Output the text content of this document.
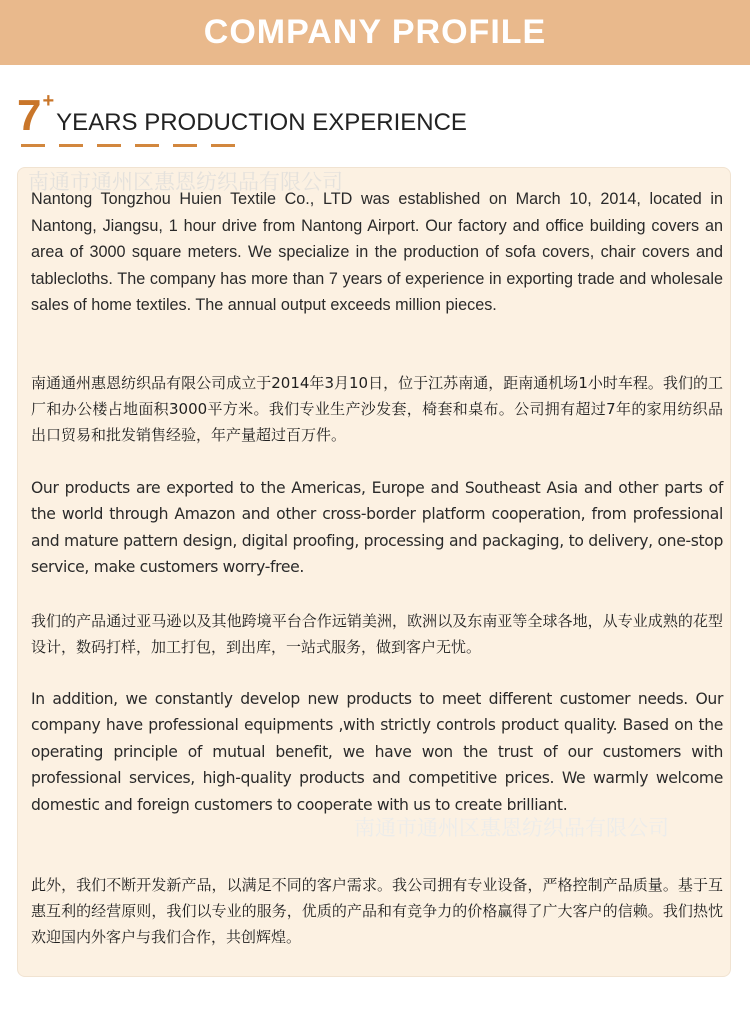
COMPANY PROFILE
7 +
YEARS PRODUCTION EXPERIENCE
南通市通州区惠恩纺织品有限公司

Nantong Tongzhou Huien Textile Co., LTD was established on March 10, 2014, located in Nantong, Jiangsu, 1 hour drive from Nantong Airport. Our factory and office building covers an area of 3000 square meters. We specialize in the production of sofa covers, chair covers and tablecloths. The company has more than 7 years of experience in exporting trade and wholesale sales of home textiles. The annual output exceeds million pieces.

南通通州惠恩纺织品有限公司成立于2014年3月10日，位于江苏南通，距南通机场1小时车程。我们的工厂和办公楼占地面积3000平方米。我们专业生产沙发套，椅套和桌布。公司拥有超过7年的家用纺织品出口贸易和批发销售经验，年产量超过百万件。

Our products are exported to the Americas, Europe and Southeast Asia and other parts of the world through Amazon and other cross-border platform cooperation, from professional and mature pattern design, digital proofing, processing and packaging, to delivery, one-stop service, make customers worry-free.

我们的产品通过亚马逊以及其他跨境平台合作远销美洲，欧洲以及东南亚等全球各地，从专业成熟的花型设计，数码打样，加工打包，到出库，一站式服务，做到客户无忧。

In addition, we constantly develop new products to meet different customer needs. Our company have professional equipments ,with strictly controls product quality. Based on the operating principle of mutual benefit, we have won the trust of our customers with professional services, high-quality products and competitive prices. We warmly welcome domestic and foreign customers to cooperate with us to create brilliant.

此外，我们不断开发新产品，以满足不同的客户需求。我公司拥有专业设备，严格控制产品质量。基于互惠互利的经营原则，我们以专业的服务，优质的产品和有竞争力的价格赢得了广大客户的信赖。我们热忱欢迎国内外客户与我们合作，共创辉煌。

南通市通州区惠恩纺织品有限公司
